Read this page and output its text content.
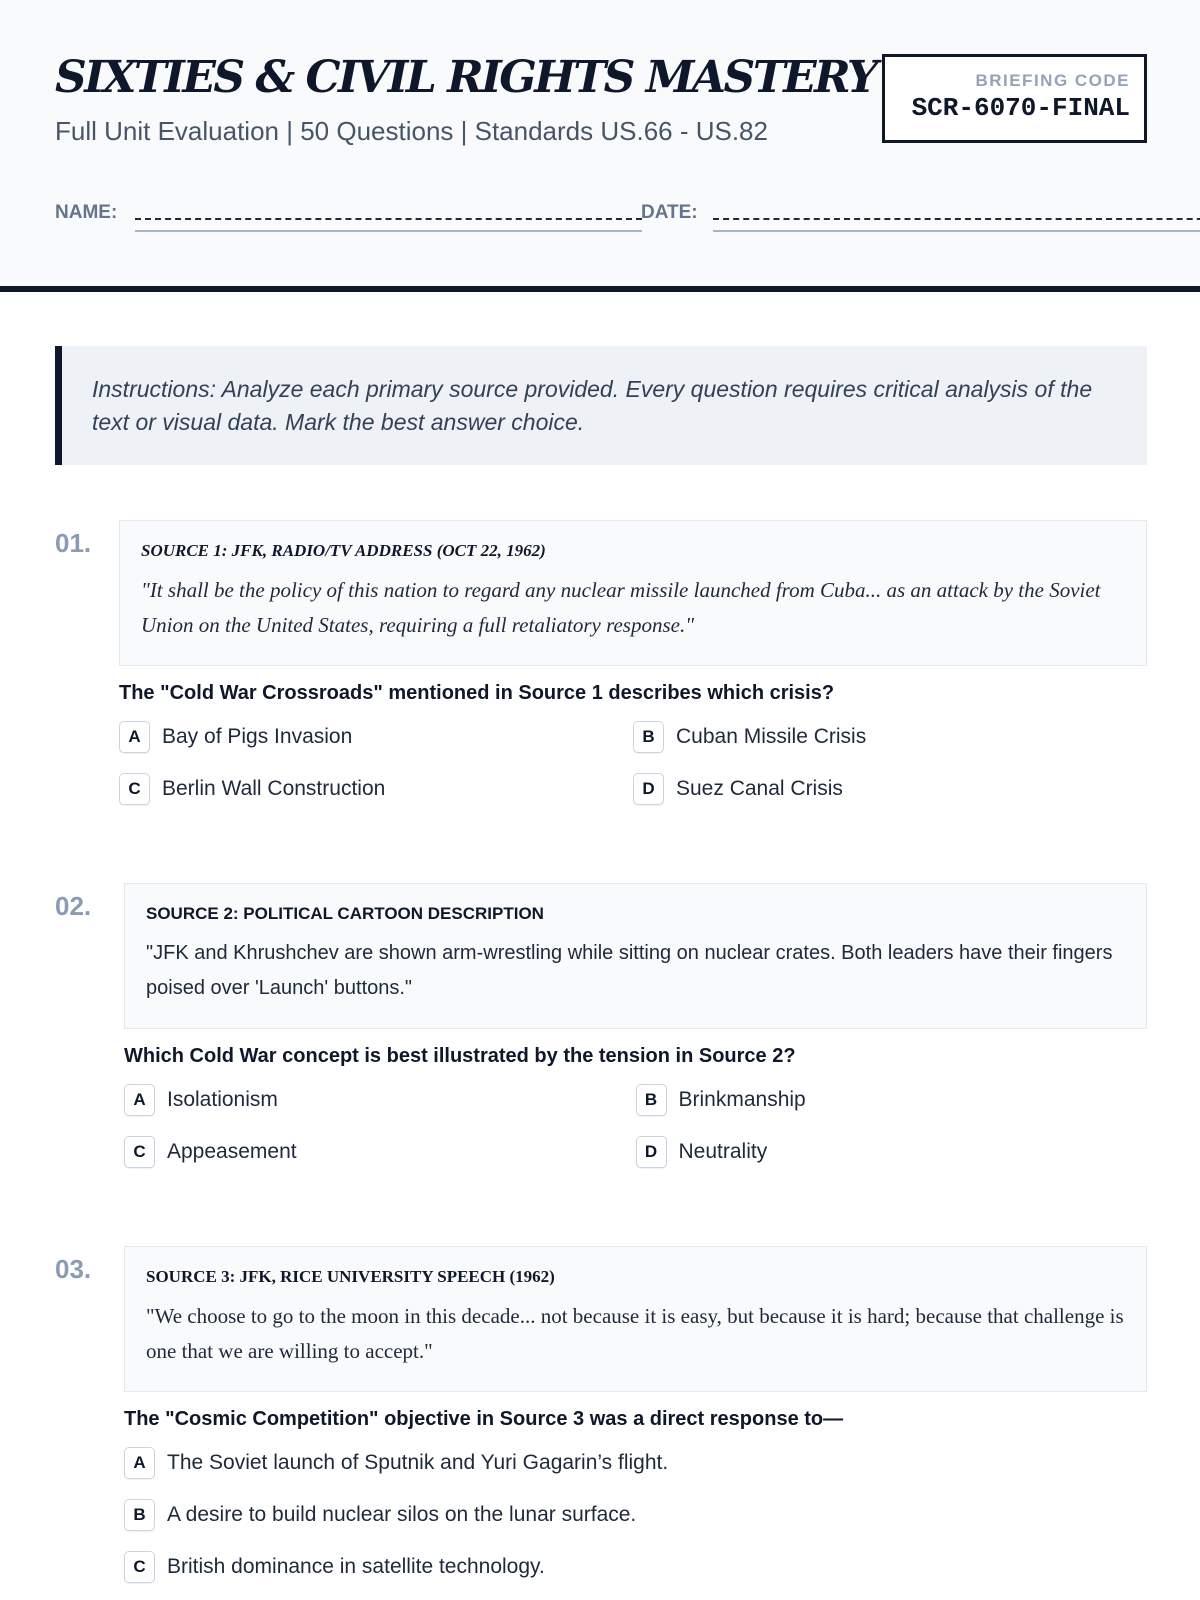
SIXTIES & CIVIL RIGHTS MASTERY
Full Unit Evaluation | 50 Questions | Standards US.66 - US.82
BRIEFING CODE
SCR-6070-FINAL
NAME:	DATE:
Instructions: Analyze each primary source provided. Every question requires critical analysis of the text or visual data. Mark the best answer choice.
01.	SOURCE 1: JFK, RADIO/TV ADDRESS (OCT 22, 1962)
"It shall be the policy of this nation to regard any nuclear missile launched from Cuba... as an attack by the Soviet Union on the United States, requiring a full retaliatory response."
The "Cold War Crossroads" mentioned in Source 1 describes which crisis?
A	Bay of Pigs Invasion	B	Cuban Missile Crisis
C	Berlin Wall Construction	D	Suez Canal Crisis
02.	SOURCE 2: POLITICAL CARTOON DESCRIPTION
"JFK and Khrushchev are shown arm-wrestling while sitting on nuclear crates. Both leaders have their fingers poised over 'Launch' buttons."
Which Cold War concept is best illustrated by the tension in Source 2?
A	Isolationism	B	Brinkmanship
C	Appeasement	D	Neutrality
03.	SOURCE 3: JFK, RICE UNIVERSITY SPEECH (1962)
"We choose to go to the moon in this decade... not because it is easy, but because it is hard; because that challenge is one that we are willing to accept."
The "Cosmic Competition" objective in Source 3 was a direct response to—
A	The Soviet launch of Sputnik and Yuri Gagarin’s flight.
B	A desire to build nuclear silos on the lunar surface.
C	British dominance in satellite technology.
